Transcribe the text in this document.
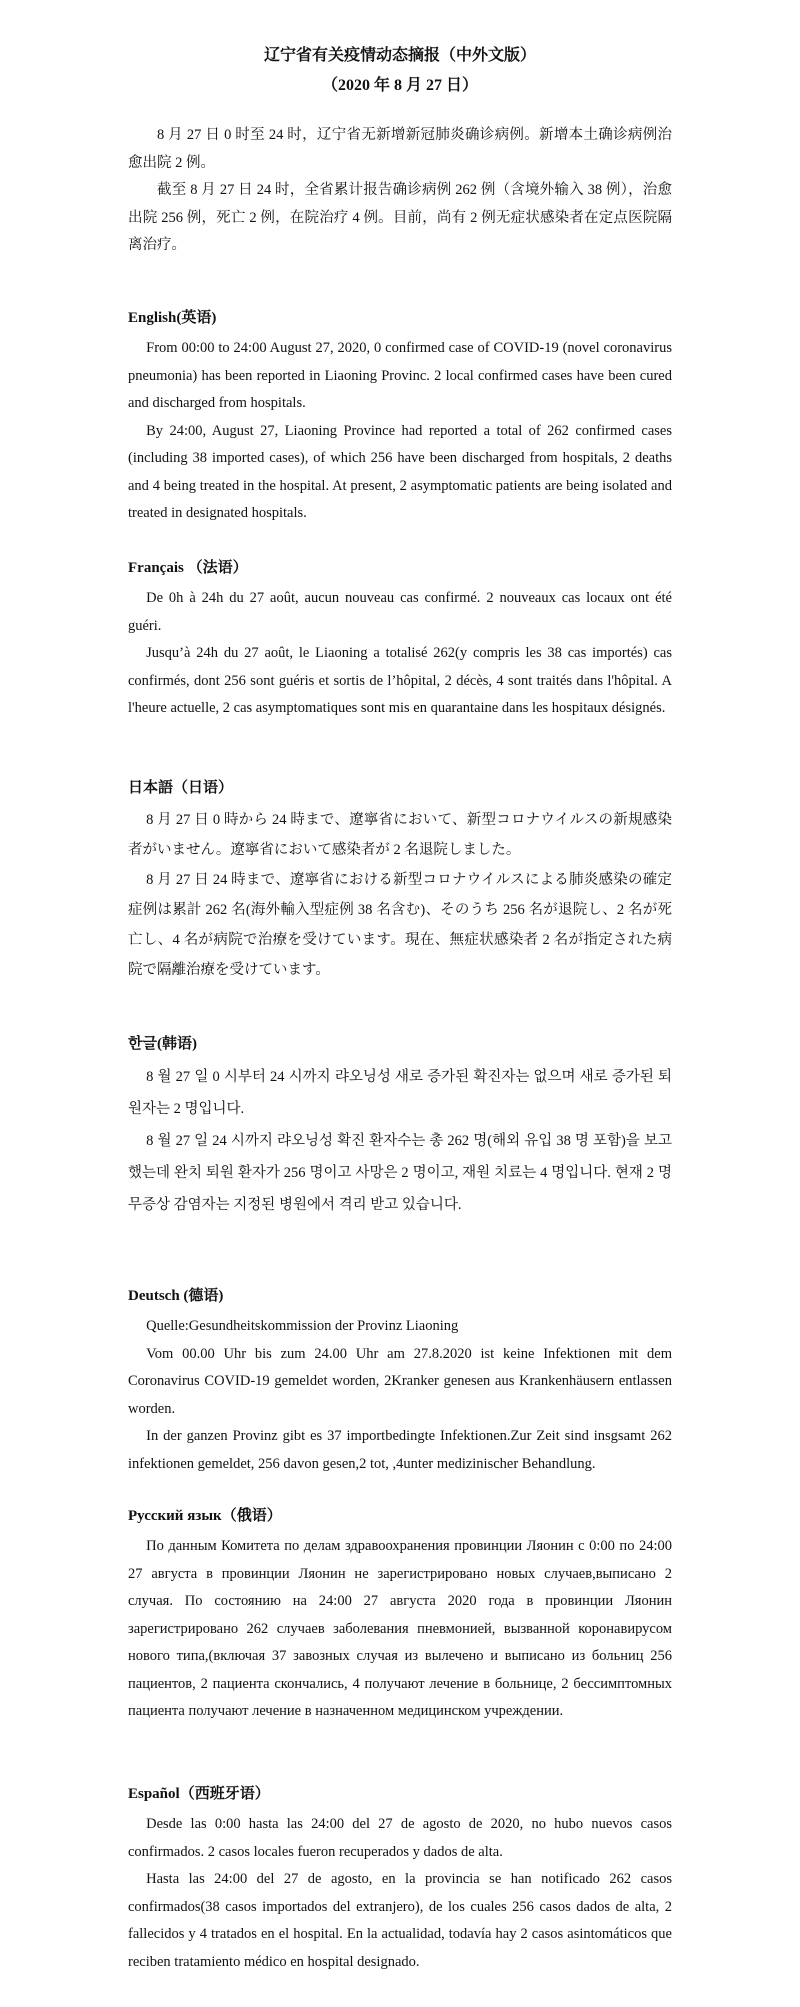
辽宁省有关疫情动态摘报（中外文版）
（2020 年 8 月 27 日）

8 月 27 日 0 时至 24 时，辽宁省无新增新冠肺炎确诊病例。新增本土确诊病例治愈出院 2 例。

截至 8 月 27 日 24 时，全省累计报告确诊病例 262 例（含境外输入 38 例），治愈出院 256 例，死亡 2 例，在院治疗 4 例。目前，尚有 2 例无症状感染者在定点医院隔离治疗。

English(英语)

From 00:00 to 24:00 August 27, 2020, 0 confirmed case of COVID-19 (novel coronavirus pneumonia) has been reported in Liaoning Provinc. 2 local confirmed cases have been cured and discharged from hospitals.

By 24:00, August 27, Liaoning Province had reported a total of 262 confirmed cases (including 38 imported cases), of which 256 have been discharged from hospitals, 2 deaths and 4 being treated in the hospital. At present, 2 asymptomatic patients are being isolated and treated in designated hospitals.

Français （法语）

De 0h à 24h du 27 août, aucun nouveau cas confirmé. 2 nouveaux cas locaux ont été guéri.

Jusqu’à 24h du 27 août, le Liaoning a totalisé 262(y compris les 38 cas importés) cas confirmés, dont 256 sont guéris et sortis de l’hôpital, 2 décès, 4 sont traités dans l'hôpital. A l'heure actuelle, 2 cas asymptomatiques sont mis en quarantaine dans les hospitaux désignés.

日本語（日语）

8 月 27 日 0 時から 24 時まで、遼寧省において、新型コロナウイルスの新規感染者がいません。遼寧省において感染者が 2 名退院しました。

8 月 27 日 24 時まで、遼寧省における新型コロナウイルスによる肺炎感染の確定症例は累計 262 名(海外輸入型症例 38 名含む)、そのうち 256 名が退院し、2 名が死亡し、4 名が病院で治療を受けています。現在、無症状感染者 2 名が指定された病院で隔離治療を受けています。

한글(韩语)

8 월 27 일 0 시부터 24 시까지 랴오닝성 새로 증가된 확진자는 없으며 새로 증가된 퇴원자는 2 명입니다.

8 월 27 일 24 시까지 랴오닝성 확진 환자수는 총 262 명(해외 유입 38 명 포함)을 보고했는데 완치 퇴원 환자가 256 명이고 사망은 2 명이고, 재원 치료는 4 명입니다. 현재 2 명 무증상 감염자는 지정된 병원에서 격리 받고 있습니다.

Deutsch (德语)

Quelle:Gesundheitskommission der Provinz Liaoning

Vom 00.00 Uhr bis zum 24.00 Uhr am 27.8.2020 ist keine Infektionen mit dem Coronavirus COVID-19 gemeldet worden, 2Kranker genesen aus Krankenhäusern entlassen worden.

In der ganzen Provinz gibt es 37 importbedingte Infektionen.Zur Zeit sind insgsamt 262 infektionen gemeldet, 256 davon gesen,2 tot, ,4unter medizinischer Behandlung.

Русский язык（俄语）

По данным Комитета по делам здравоохранения провинции Ляонин с 0:00 по 24:00 27 августа в провинции Ляонин не зарегистрировано новых случаев,выписано 2 случая. По состоянию на 24:00 27 августа 2020 года в провинции Ляонин зарегистрировано 262 случаев заболевания пневмонией, вызванной коронавирусом нового типа,(включая 37 завозных случая из вылечено и выписано из больниц 256 пациентов, 2 пациента скончались, 4 получают лечение в больнице, 2 бессимптомных пациента получают лечение в назначенном медицинском учреждении.

Español（西班牙语）

Desde las 0:00 hasta las 24:00 del 27 de agosto de 2020, no hubo nuevos casos confirmados. 2 casos locales fueron recuperados y dados de alta.

Hasta las 24:00 del 27 de agosto, en la provincia se han notificado 262 casos confirmados(38 casos importados del extranjero), de los cuales 256 casos dados de alta, 2 fallecidos y 4 tratados en el hospital. En la actualidad, todavía hay 2 casos asintomáticos que reciben tratamiento médico en hospital designado.
